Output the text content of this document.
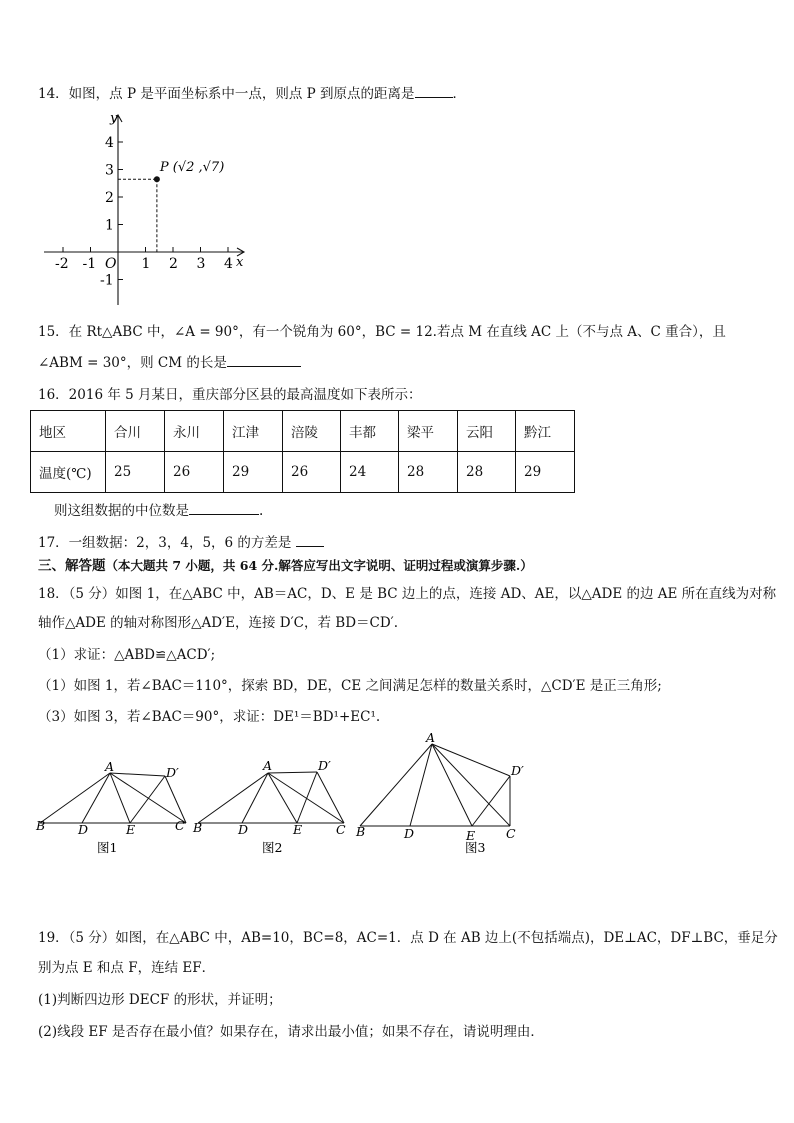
14．如图，点 P 是平面坐标系中一点，则点 P 到原点的距离是	．
x
y
O
-2 -1	1 2 3 4
4
3
2
1
-1
P (√2 ,√7)
15．在 Rt△ABC 中，∠A = 90°，有一个锐角为 60°，BC = 12.若点 M 在直线 AC 上（不与点 A、C 重合），且
∠ABM = 30°，则 CM 的长是
16．2016 年 5 月某日，重庆部分区县的最高温度如下表所示：
地区	合川	永川	江津	涪陵	丰都	梁平	云阳	黔江
温度(℃)	25	26	29	26	24	28	28	29
则这组数据的中位数是	.
17．一组数据：2，3，4，5，6 的方差是
三、解答题（本大题共 7 小题，共 64 分.解答应写出文字说明、证明过程或演算步骤.）
18．（5 分）如图 1，在△ABC 中，AB＝AC，D、E 是 BC 边上的点，连接 AD、AE，以△ADE 的边 AE 所在直线为对称
轴作△ADE 的轴对称图形△AD′E，连接 D′C，若 BD＝CD′.
（1）求证：△ABD≌△ACD′;
（1）如图 1，若∠BAC＝110°，探索 BD，DE，CE 之间满足怎样的数量关系时，△CD′E 是正三角形;
（3）如图 3，若∠BAC＝90°，求证：DE¹＝BD¹+EC¹.
A
B	C
D	E
D′
图1
A
B	C
D	E
D′
图2
A
B	C
D	E
D′
图3
19．（5 分）如图，在△ABC 中，AB=10，BC=8，AC=1．点 D 在 AB 边上(不包括端点)，DE⊥AC，DF⊥BC，垂足分
别为点 E 和点 F，连结 EF．
(1)判断四边形 DECF 的形状，并证明；
(2)线段 EF 是否存在最小值？如果存在，请求出最小值；如果不存在，请说明理由．
